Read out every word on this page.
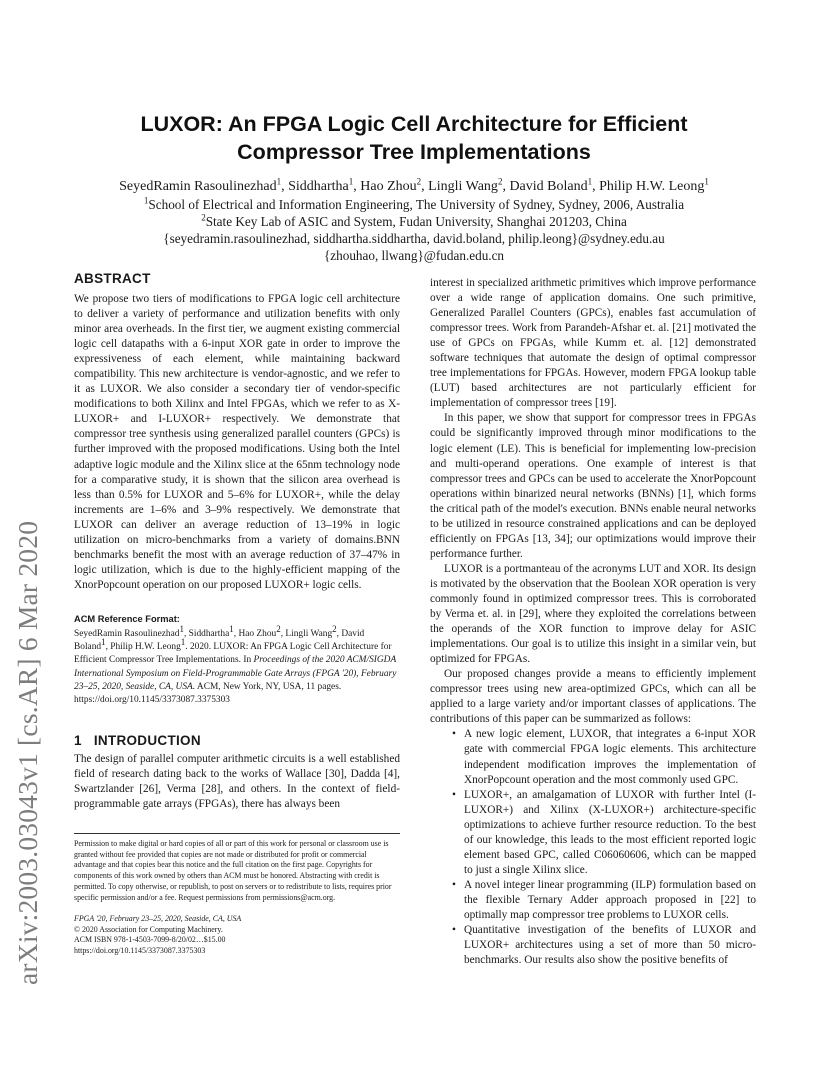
arXiv:2003.03043v1 [cs.AR] 6 Mar 2020
LUXOR: An FPGA Logic Cell Architecture for Efficient
Compressor Tree Implementations
SeyedRamin Rasoulinezhad$^1$, Siddhartha$^1$, Hao Zhou$^2$, Lingli Wang$^2$, David Boland$^1$, Philip H.W. Leong$^1$
$^1$School of Electrical and Information Engineering, The University of Sydney, Sydney, 2006, Australia
$^2$State Key Lab of ASIC and System, Fudan University, Shanghai 201203, China
{seyedramin.rasoulinezhad, siddhartha.siddhartha, david.boland, philip.leong}@sydney.edu.au
{zhouhao, llwang}@fudan.edu.cn
ABSTRACT
We propose two tiers of modifications to FPGA logic cell architecture to deliver a variety of performance and utilization benefits with only minor area overheads. In the first tier, we augment existing commercial logic cell datapaths with a 6-input XOR gate in order to improve the expressiveness of each element, while maintaining backward compatibility. This new architecture is vendor-agnostic, and we refer to it as LUXOR. We also consider a secondary tier of vendor-specific modifications to both Xilinx and Intel FPGAs, which we refer to as X-LUXOR+ and I-LUXOR+ respectively. We demonstrate that compressor tree synthesis using generalized parallel counters (GPCs) is further improved with the proposed modifications. Using both the Intel adaptive logic module and the Xilinx slice at the 65nm technology node for a comparative study, it is shown that the silicon area overhead is less than 0.5% for LUXOR and 5–6% for LUXOR+, while the delay increments are 1–6% and 3–9% respectively. We demonstrate that LUXOR can deliver an average reduction of 13–19% in logic utilization on micro-benchmarks from a variety of domains.BNN benchmarks benefit the most with an average reduction of 37–47% in logic utilization, which is due to the highly-efficient mapping of the XnorPopcount operation on our proposed LUXOR+ logic cells.
ACM Reference Format:
SeyedRamin Rasoulinezhad$^1$, Siddhartha$^1$, Hao Zhou$^2$, Lingli Wang$^2$, David Boland$^1$, Philip H.W. Leong$^1$. 2020. LUXOR: An FPGA Logic Cell Architecture for Efficient Compressor Tree Implementations. In Proceedings of the 2020 ACM/SIGDA International Symposium on Field-Programmable Gate Arrays (FPGA '20), February 23–25, 2020, Seaside, CA, USA. ACM, New York, NY, USA, 11 pages. https://doi.org/10.1145/3373087.3375303
1 INTRODUCTION
The design of parallel computer arithmetic circuits is a well established field of research dating back to the works of Wallace [30], Dadda [4], Swartzlander [26], Verma [28], and others. In the context of field-programmable gate arrays (FPGAs), there has always been
Permission to make digital or hard copies of all or part of this work for personal or classroom use is granted without fee provided that copies are not made or distributed for profit or commercial advantage and that copies bear this notice and the full citation on the first page. Copyrights for components of this work owned by others than ACM must be honored. Abstracting with credit is permitted. To copy otherwise, or republish, to post on servers or to redistribute to lists, requires prior specific permission and/or a fee. Request permissions from permissions@acm.org.
FPGA '20, February 23–25, 2020, Seaside, CA, USA
© 2020 Association for Computing Machinery.
ACM ISBN 978-1-4503-7099-8/20/02…$15.00
https://doi.org/10.1145/3373087.3375303

interest in specialized arithmetic primitives which improve performance over a wide range of application domains. One such primitive, Generalized Parallel Counters (GPCs), enables fast accumulation of compressor trees. Work from Parandeh-Afshar et. al. [21] motivated the use of GPCs on FPGAs, while Kumm et. al. [12] demonstrated software techniques that automate the design of optimal compressor tree implementations for FPGAs. However, modern FPGA lookup table (LUT) based architectures are not particularly efficient for implementation of compressor trees [19].

In this paper, we show that support for compressor trees in FPGAs could be significantly improved through minor modifications to the logic element (LE). This is beneficial for implementing low-precision and multi-operand operations. One example of interest is that compressor trees and GPCs can be used to accelerate the XnorPopcount operations within binarized neural networks (BNNs) [1], which forms the critical path of the model's execution. BNNs enable neural networks to be utilized in resource constrained applications and can be deployed efficiently on FPGAs [13, 34]; our optimizations would improve their performance further.

LUXOR is a portmanteau of the acronyms LUT and XOR. Its design is motivated by the observation that the Boolean XOR operation is very commonly found in optimized compressor trees. This is corroborated by Verma et. al. in [29], where they exploited the correlations between the operands of the XOR function to improve delay for ASIC implementations. Our goal is to utilize this insight in a similar vein, but optimized for FPGAs.

Our proposed changes provide a means to efficiently implement compressor trees using new area-optimized GPCs, which can all be applied to a large variety and/or important classes of applications. The contributions of this paper can be summarized as follows:

• A new logic element, LUXOR, that integrates a 6-input XOR gate with commercial FPGA logic elements. This architecture independent modification improves the implementation of XnorPopcount operation and the most commonly used GPC.
• LUXOR+, an amalgamation of LUXOR with further Intel (I-LUXOR+) and Xilinx (X-LUXOR+) architecture-specific optimizations to achieve further resource reduction. To the best of our knowledge, this leads to the most efficient reported logic element based GPC, called C06060606, which can be mapped to just a single Xilinx slice.
• A novel integer linear programming (ILP) formulation based on the flexible Ternary Adder approach proposed in [22] to optimally map compressor tree problems to LUXOR cells.
• Quantitative investigation of the benefits of LUXOR and LUXOR+ architectures using a set of more than 50 micro-benchmarks. Our results also show the positive benefits of
